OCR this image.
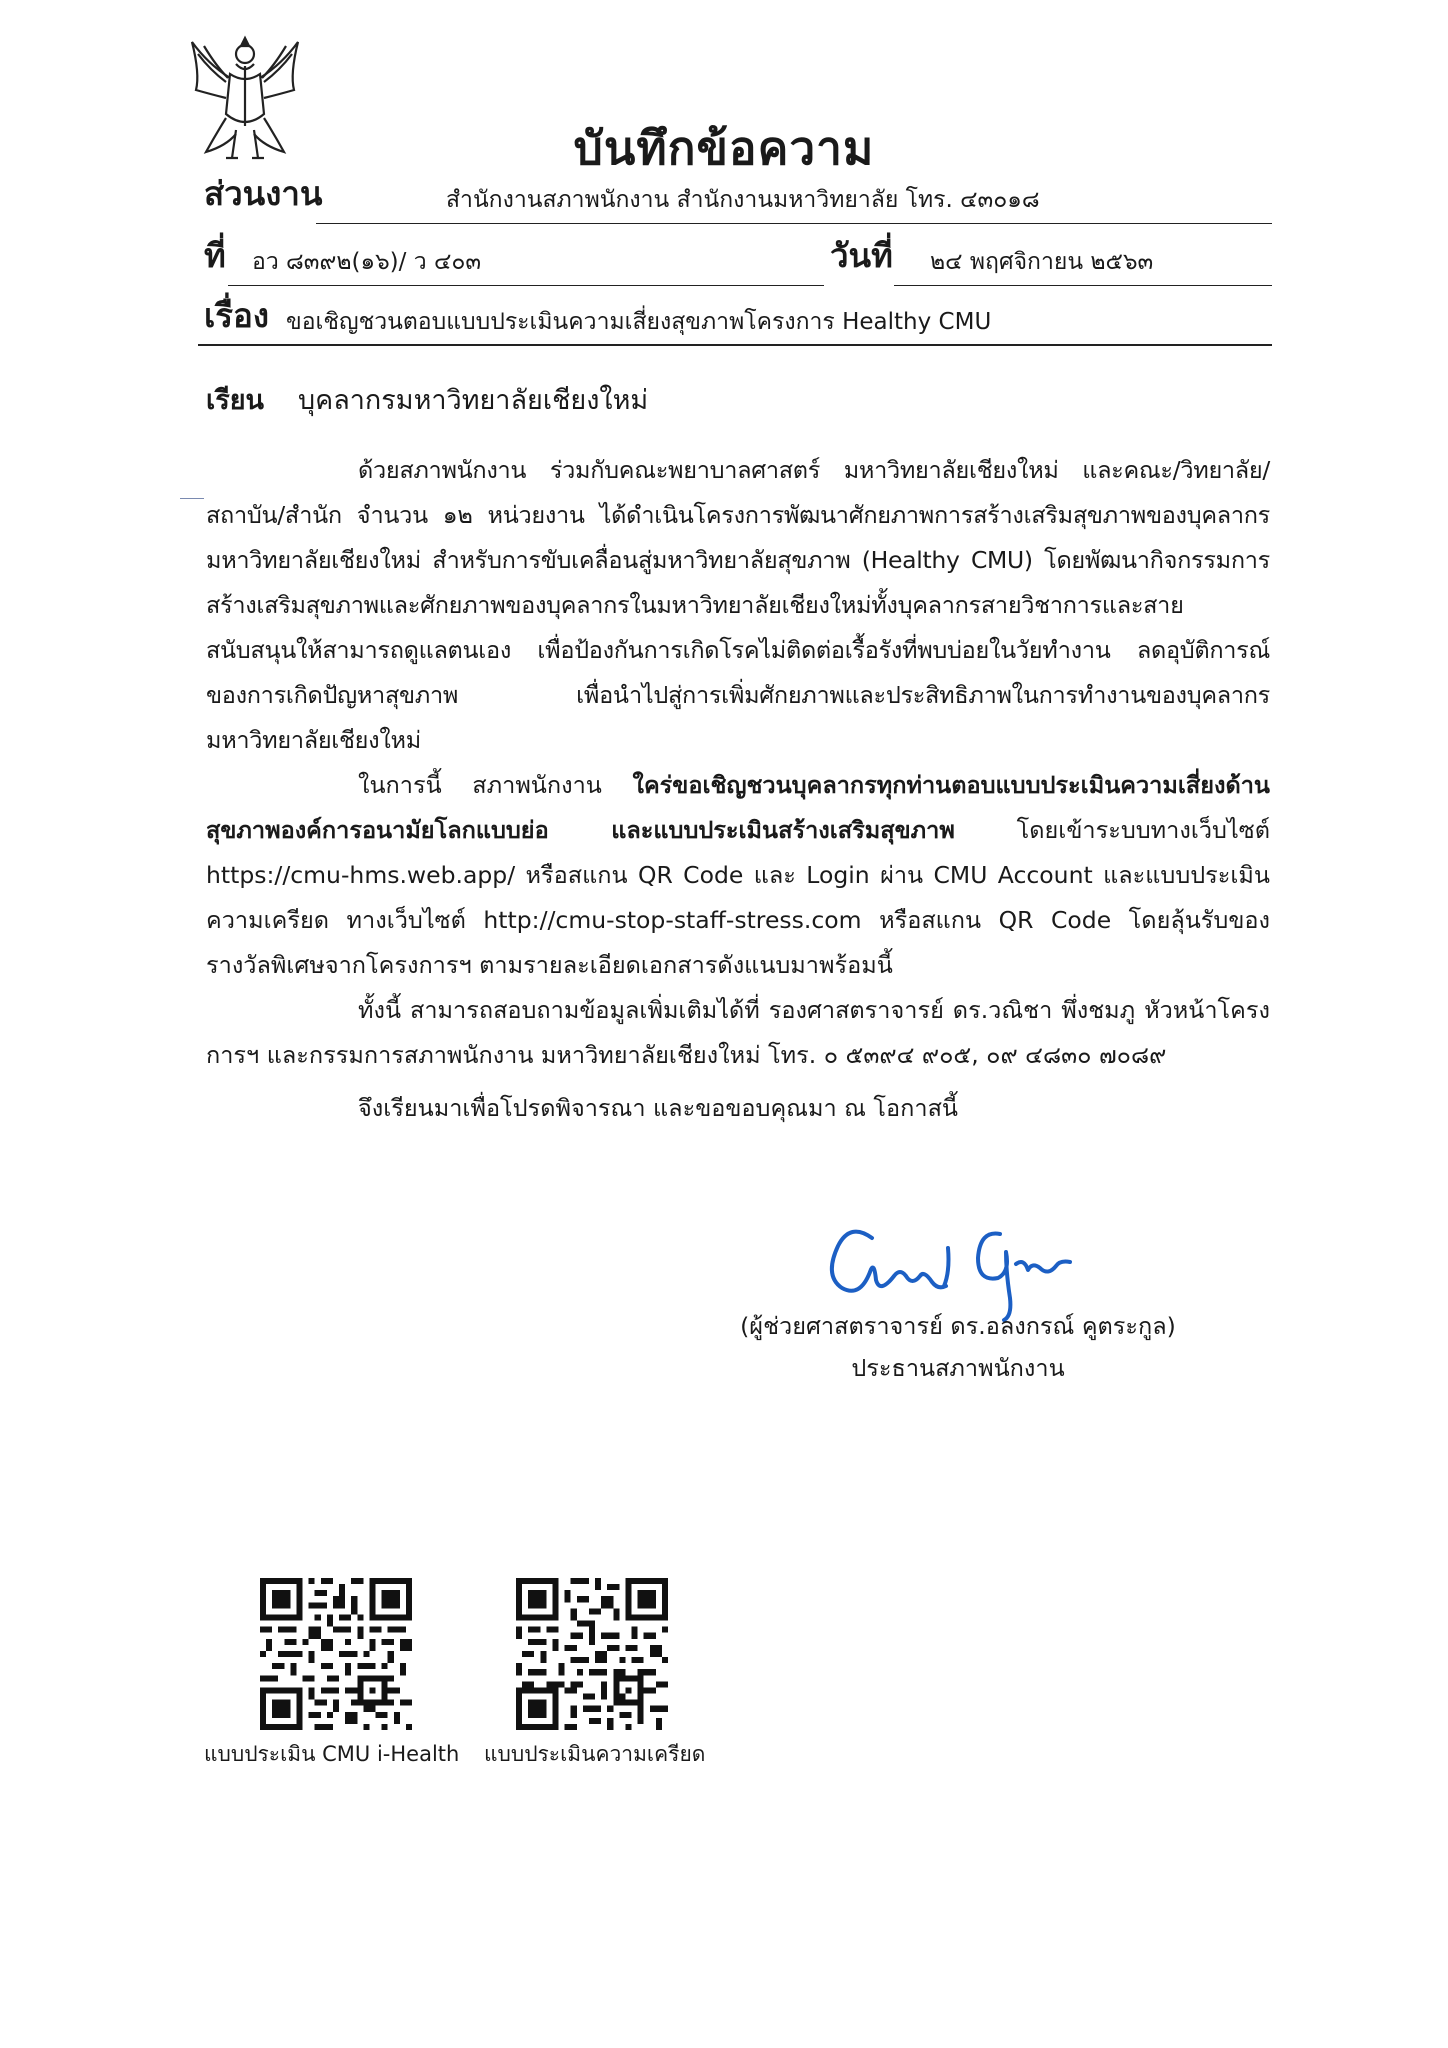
บันทึกข้อความ
ส่วนงาน	สำนักงานสภาพนักงาน สำนักงานมหาวิทยาลัย โทร. ๔๓๐๑๘
ที่ อว ๘๓๙๒(๑๖)/ ว ๔๐๓	วันที่ ๒๔ พฤศจิกายน ๒๕๖๓
เรื่อง ขอเชิญชวนตอบแบบประเมินความเสี่ยงสุขภาพโครงการ Healthy CMU
เรียน บุคลากรมหาวิทยาลัยเชียงใหม่

ด้วยสภาพนักงาน ร่วมกับคณะพยาบาลศาสตร์ มหาวิทยาลัยเชียงใหม่ และคณะ/วิทยาลัย/สถาบัน/สำนัก จำนวน ๑๒ หน่วยงาน ได้ดำเนินโครงการพัฒนาศักยภาพการสร้างเสริมสุขภาพของบุคลากรมหาวิทยาลัยเชียงใหม่ สำหรับการขับเคลื่อนสู่มหาวิทยาลัยสุขภาพ (Healthy CMU) โดยพัฒนากิจกรรมการสร้างเสริมสุขภาพและศักยภาพของบุคลากรในมหาวิทยาลัยเชียงใหม่ทั้งบุคลากรสายวิชาการและสายสนับสนุนให้สามารถดูแลตนเอง เพื่อป้องกันการเกิดโรคไม่ติดต่อเรื้อรังที่พบบ่อยในวัยทำงาน ลดอุบัติการณ์ของการเกิดปัญหาสุขภาพ เพื่อนำไปสู่การเพิ่มศักยภาพและประสิทธิภาพในการทำงานของบุคลากรมหาวิทยาลัยเชียงใหม่

ในการนี้ สภาพนักงาน ใคร่ขอเชิญชวนบุคลากรทุกท่านตอบแบบประเมินความเสี่ยงด้านสุขภาพองค์การอนามัยโลกแบบย่อ และแบบประเมินสร้างเสริมสุขภาพ โดยเข้าระบบทางเว็บไซต์ https://cmu-hms.web.app/ หรือสแกน QR Code และ Login ผ่าน CMU Account และแบบประเมินความเครียด ทางเว็บไซต์ http://cmu-stop-staff-stress.com หรือสแกน QR Code โดยลุ้นรับของรางวัลพิเศษจากโครงการฯ ตามรายละเอียดเอกสารดังแนบมาพร้อมนี้

ทั้งนี้ สามารถสอบถามข้อมูลเพิ่มเติมได้ที่ รองศาสตราจารย์ ดร.วณิชา พึ่งชมภู หัวหน้าโครงการฯ และกรรมการสภาพนักงาน มหาวิทยาลัยเชียงใหม่ โทร. ๐ ๕๓๙๔ ๙๐๕, ๐๙ ๔๘๓๐ ๗๐๘๙

จึงเรียนมาเพื่อโปรดพิจารณา และขอขอบคุณมา ณ โอกาสนี้
(ผู้ช่วยศาสตราจารย์ ดร.อลงกรณ์ คูตระกูล)
ประธานสภาพนักงาน
แบบประเมิน CMU i-Health แบบประเมินความเครียด
